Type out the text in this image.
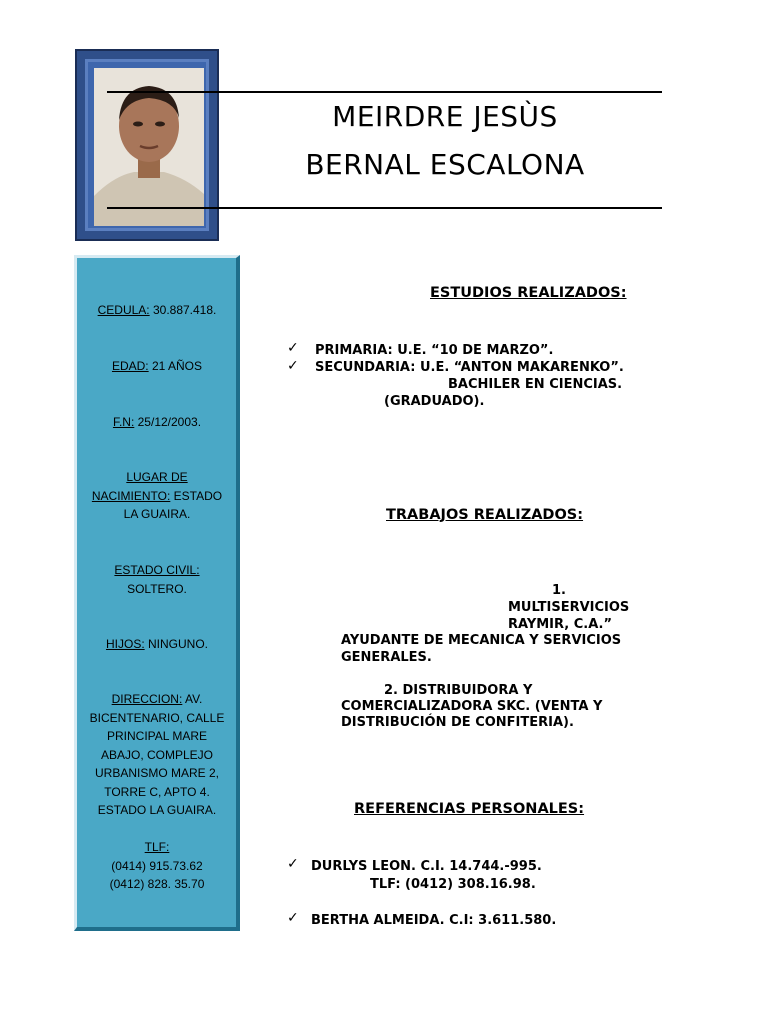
MEIRDRE JESÙS
BERNAL ESCALONA
CEDULA: 30.887.418.
EDAD: 21 AÑOS
F.N: 25/12/2003.
LUGAR DE
NACIMIENTO: ESTADO
LA GUAIRA.
ESTADO CIVIL:
SOLTERO.
HIJOS: NINGUNO.
DIRECCION: AV.
BICENTENARIO, CALLE
PRINCIPAL MARE
ABAJO, COMPLEJO
URBANISMO MARE 2,
TORRE C, APTO 4.
ESTADO LA GUAIRA.
TLF:
(0414) 915.73.62
(0412) 828. 35.70
ESTUDIOS REALIZADOS:
✓ PRIMARIA: U.E. “10 DE MARZO”.
✓ SECUNDARIA: U.E. “ANTON MAKARENKO”.
BACHILER EN CIENCIAS.
(GRADUADO).
TRABAJOS REALIZADOS:
1.
MULTISERVICIOS
RAYMIR, C.A.”
AYUDANTE DE MECANICA Y SERVICIOS
GENERALES.
2. DISTRIBUIDORA Y
COMERCIALIZADORA SKC. (VENTA Y
DISTRIBUCIÓN DE CONFITERIA).
REFERENCIAS PERSONALES:
✓ DURLYS LEON. C.I. 14.744.-995.
TLF: (0412) 308.16.98.
✓ BERTHA ALMEIDA. C.I: 3.611.580.
